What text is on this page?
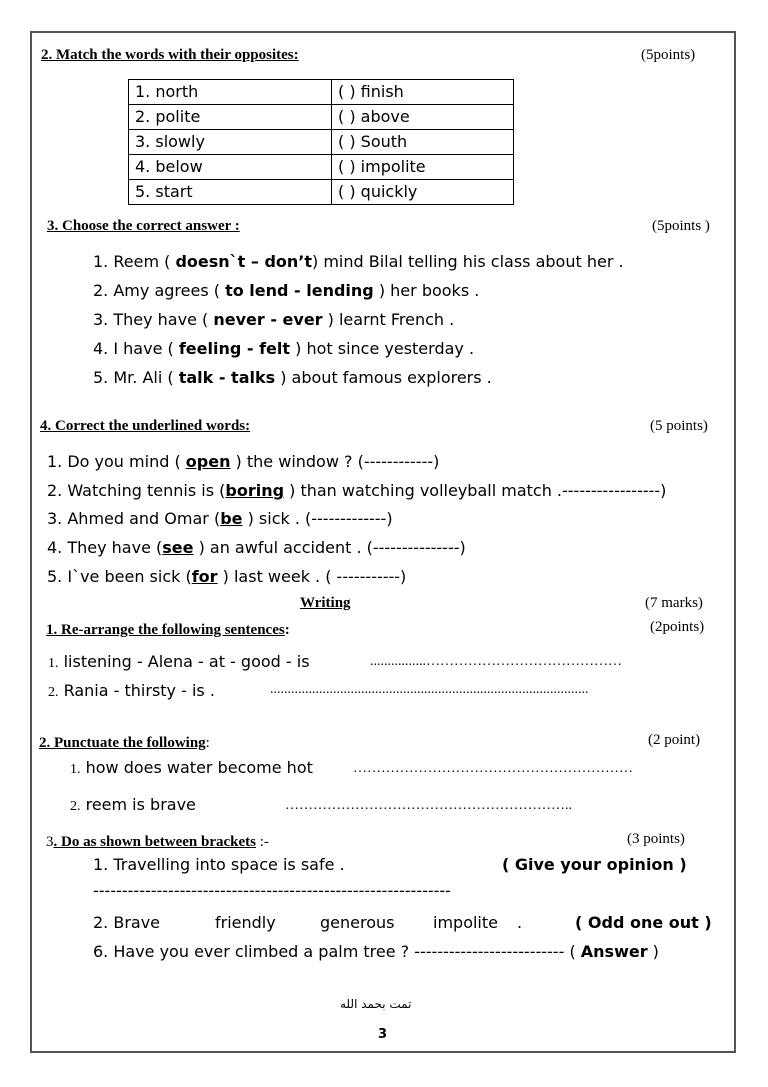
2. Match the words with their opposites:	(5points)
1. north	( ) finish
2. polite	( ) above
3. slowly	( ) South
4. below	( ) impolite
5. start	( ) quickly
3. Choose the correct answer :	(5points )
1. Reem ( doesn`t – don’t) mind Bilal telling his class about her .
2. Amy agrees ( to lend - lending ) her books .
3. They have ( never - ever ) learnt French .
4. I have ( feeling - felt ) hot since yesterday .
5. Mr. Ali ( talk - talks ) about famous explorers .
4. Correct the underlined words:	(5 points)
1. Do you mind ( open ) the window ? (------------)
2. Watching tennis is (boring ) than watching volleyball match .-----------------)
3. Ahmed and Omar (be ) sick . (-------------)
4. They have (see ) an awful accident . (---------------)
5. I`ve been sick (for ) last week . ( -----------)
Writing	(7 marks)
1. Re-arrange the following sentences:	(2points)
1. listening - Alena - at - good - is	................……………………………………
2. Rania - thirsty - is .	...........................................................................................
2. Punctuate the following:	(2 point)
1. how does water become hot	……………………………………………………
2. reem is brave	……………………………………………………..
3. Do as shown between brackets :-	(3 points)
1. Travelling into space is safe .	( Give your opinion )
--------------------------------------------------------------
2. Brave	friendly	generous impolite .	( Odd one out )
6. Have you ever climbed a palm tree ? -------------------------- ( Answer )
تمت بحمد الله
3
